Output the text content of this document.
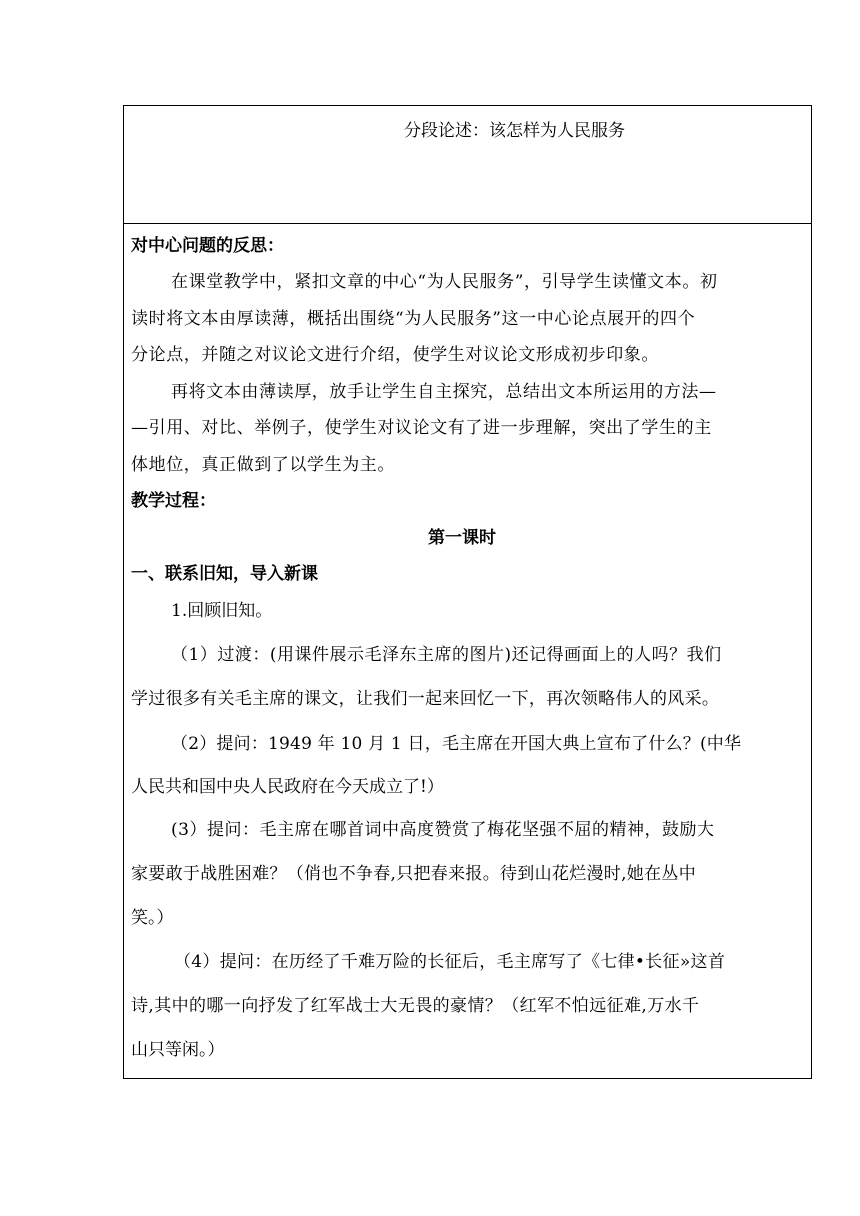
分段论述：该怎样为人民服务
对中心问题的反思：
在课堂教学中，紧扣文章的中心“为人民服务”，引导学生读懂文本。初
读时将文本由厚读薄，概括出围绕“为人民服务”这一中心论点展开的四个
分论点，并随之对议论文进行介绍，使学生对议论文形成初步印象。
再将文本由薄读厚，放手让学生自主探究，总结出文本所运用的方法—
—引用、对比、举例子，使学生对议论文有了进一步理解，突出了学生的主
体地位，真正做到了以学生为主。
教学过程：
第一课时
一、联系旧知，导入新课
1.回顾旧知。
（1）过渡：(用课件展示毛泽东主席的图片)还记得画面上的人吗？我们
学过很多有关毛主席的课文，让我们一起来回忆一下，再次领略伟人的风采。
（2）提问：1949 年 10 月 1 日，毛主席在开国大典上宣布了什么？(中华
人民共和国中央人民政府在今天成立了!）
(3）提问：毛主席在哪首词中高度赞赏了梅花坚强不屈的精神，鼓励大
家要敢于战胜困难？（俏也不争春,只把春来报。待到山花烂漫时,她在丛中
笑。）
（4）提问：在历经了千难万险的长征后，毛主席写了《七律•长征»这首
诗,其中的哪一向抒发了红军战士大无畏的豪情？（红军不怕远征难,万水千
山只等闲。）
